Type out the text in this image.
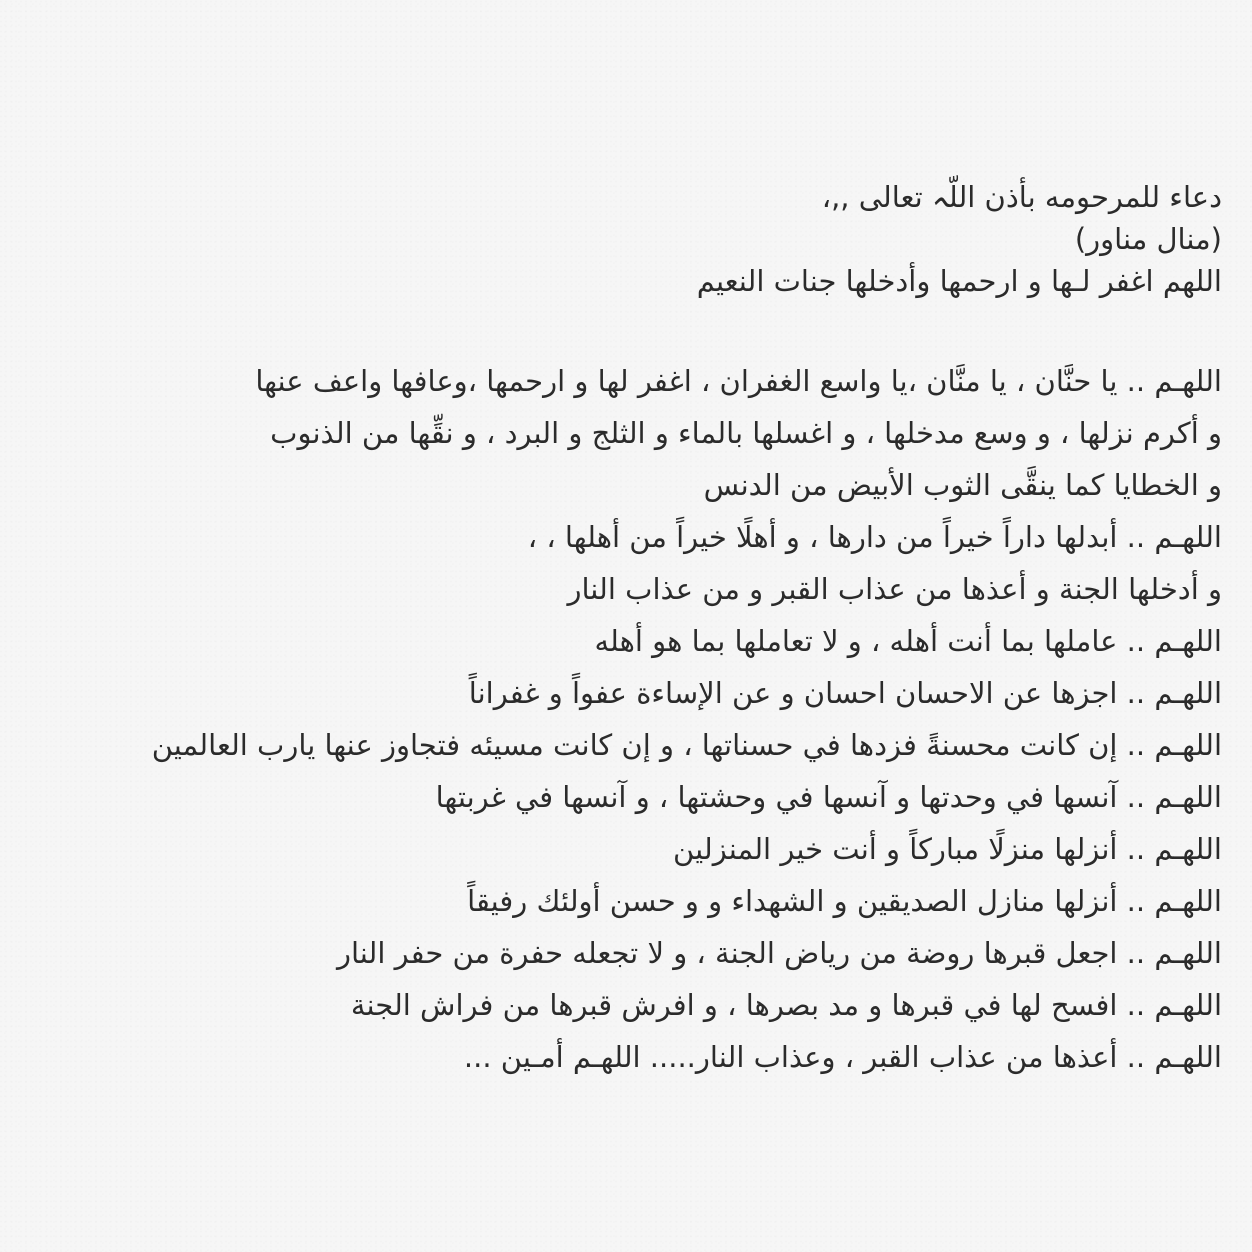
دعاء للمرحومه بأذن اللّہ تعالى ,,،
(منال مناور)
اللهم اغفر لـها و ارحمها وأدخلها جنات النعيم
اللهـم .. يا حنَّان ، يا منَّان ،يا واسع الغفران ، اغفر لها و ارحمها ،وعافها واعف عنها
و أكرم نزلها ، و وسع مدخلها ، و اغسلها بالماء و الثلج و البرد ، و نقِّها من الذنوب
و الخطايا كما ينقَّى الثوب الأبيض من الدنس
اللهـم .. أبدلها داراً خيراً من دارها ، و أهلًا خيراً من أهلها ، ،
و أدخلها الجنة و أعذها من عذاب القبر و من عذاب النار
اللهـم .. عاملها بما أنت أهله ، و لا تعاملها بما هو أهله
اللهـم .. اجزها عن الاحسان احسان و عن الإساءة عفواً و غفراناً
اللهـم .. إن كانت محسنةً فزدها في حسناتها ، و إن كانت مسيئه فتجاوز عنها يارب العالمين
اللهـم .. آنسها في وحدتها و آنسها في وحشتها ، و آنسها في غربتها
اللهـم .. أنزلها منزلًا مباركاً و أنت خير المنزلين
اللهـم .. أنزلها منازل الصديقين و الشهداء و و حسن أولئك رفيقاً
اللهـم .. اجعل قبرها روضة من رياض الجنة ، و لا تجعله حفرة من حفر النار
اللهـم .. افسح لها في قبرها و مد بصرها ، و افرش قبرها من فراش الجنة
اللهـم .. أعذها من عذاب القبر ، وعذاب النار..... اللهـم أمـين ...
